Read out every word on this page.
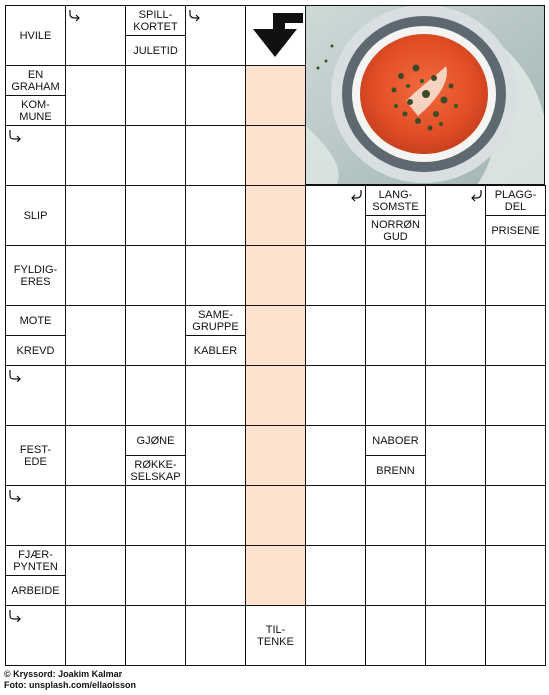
HVILE
SPILL-
KORTET
JULETID
EN
GRAHAM
KOM-
MUNE
SLIP
LANG-
SOMSTE
NORRØN
GUD
PLAGG-
DEL
PRISENE
FYLDIG-
ERES
MOTE
KREVD
SAME-
GRUPPE
KABLER
FEST-
EDE
GJØNE
RØKKE-
SELSKAP
NABOER
BRENN
FJÆR-
PYNTEN
ARBEIDE
TIL-
TENKE
© Kryssord: Joakim Kalmar
Foto: unsplash.com/ellaolsson
